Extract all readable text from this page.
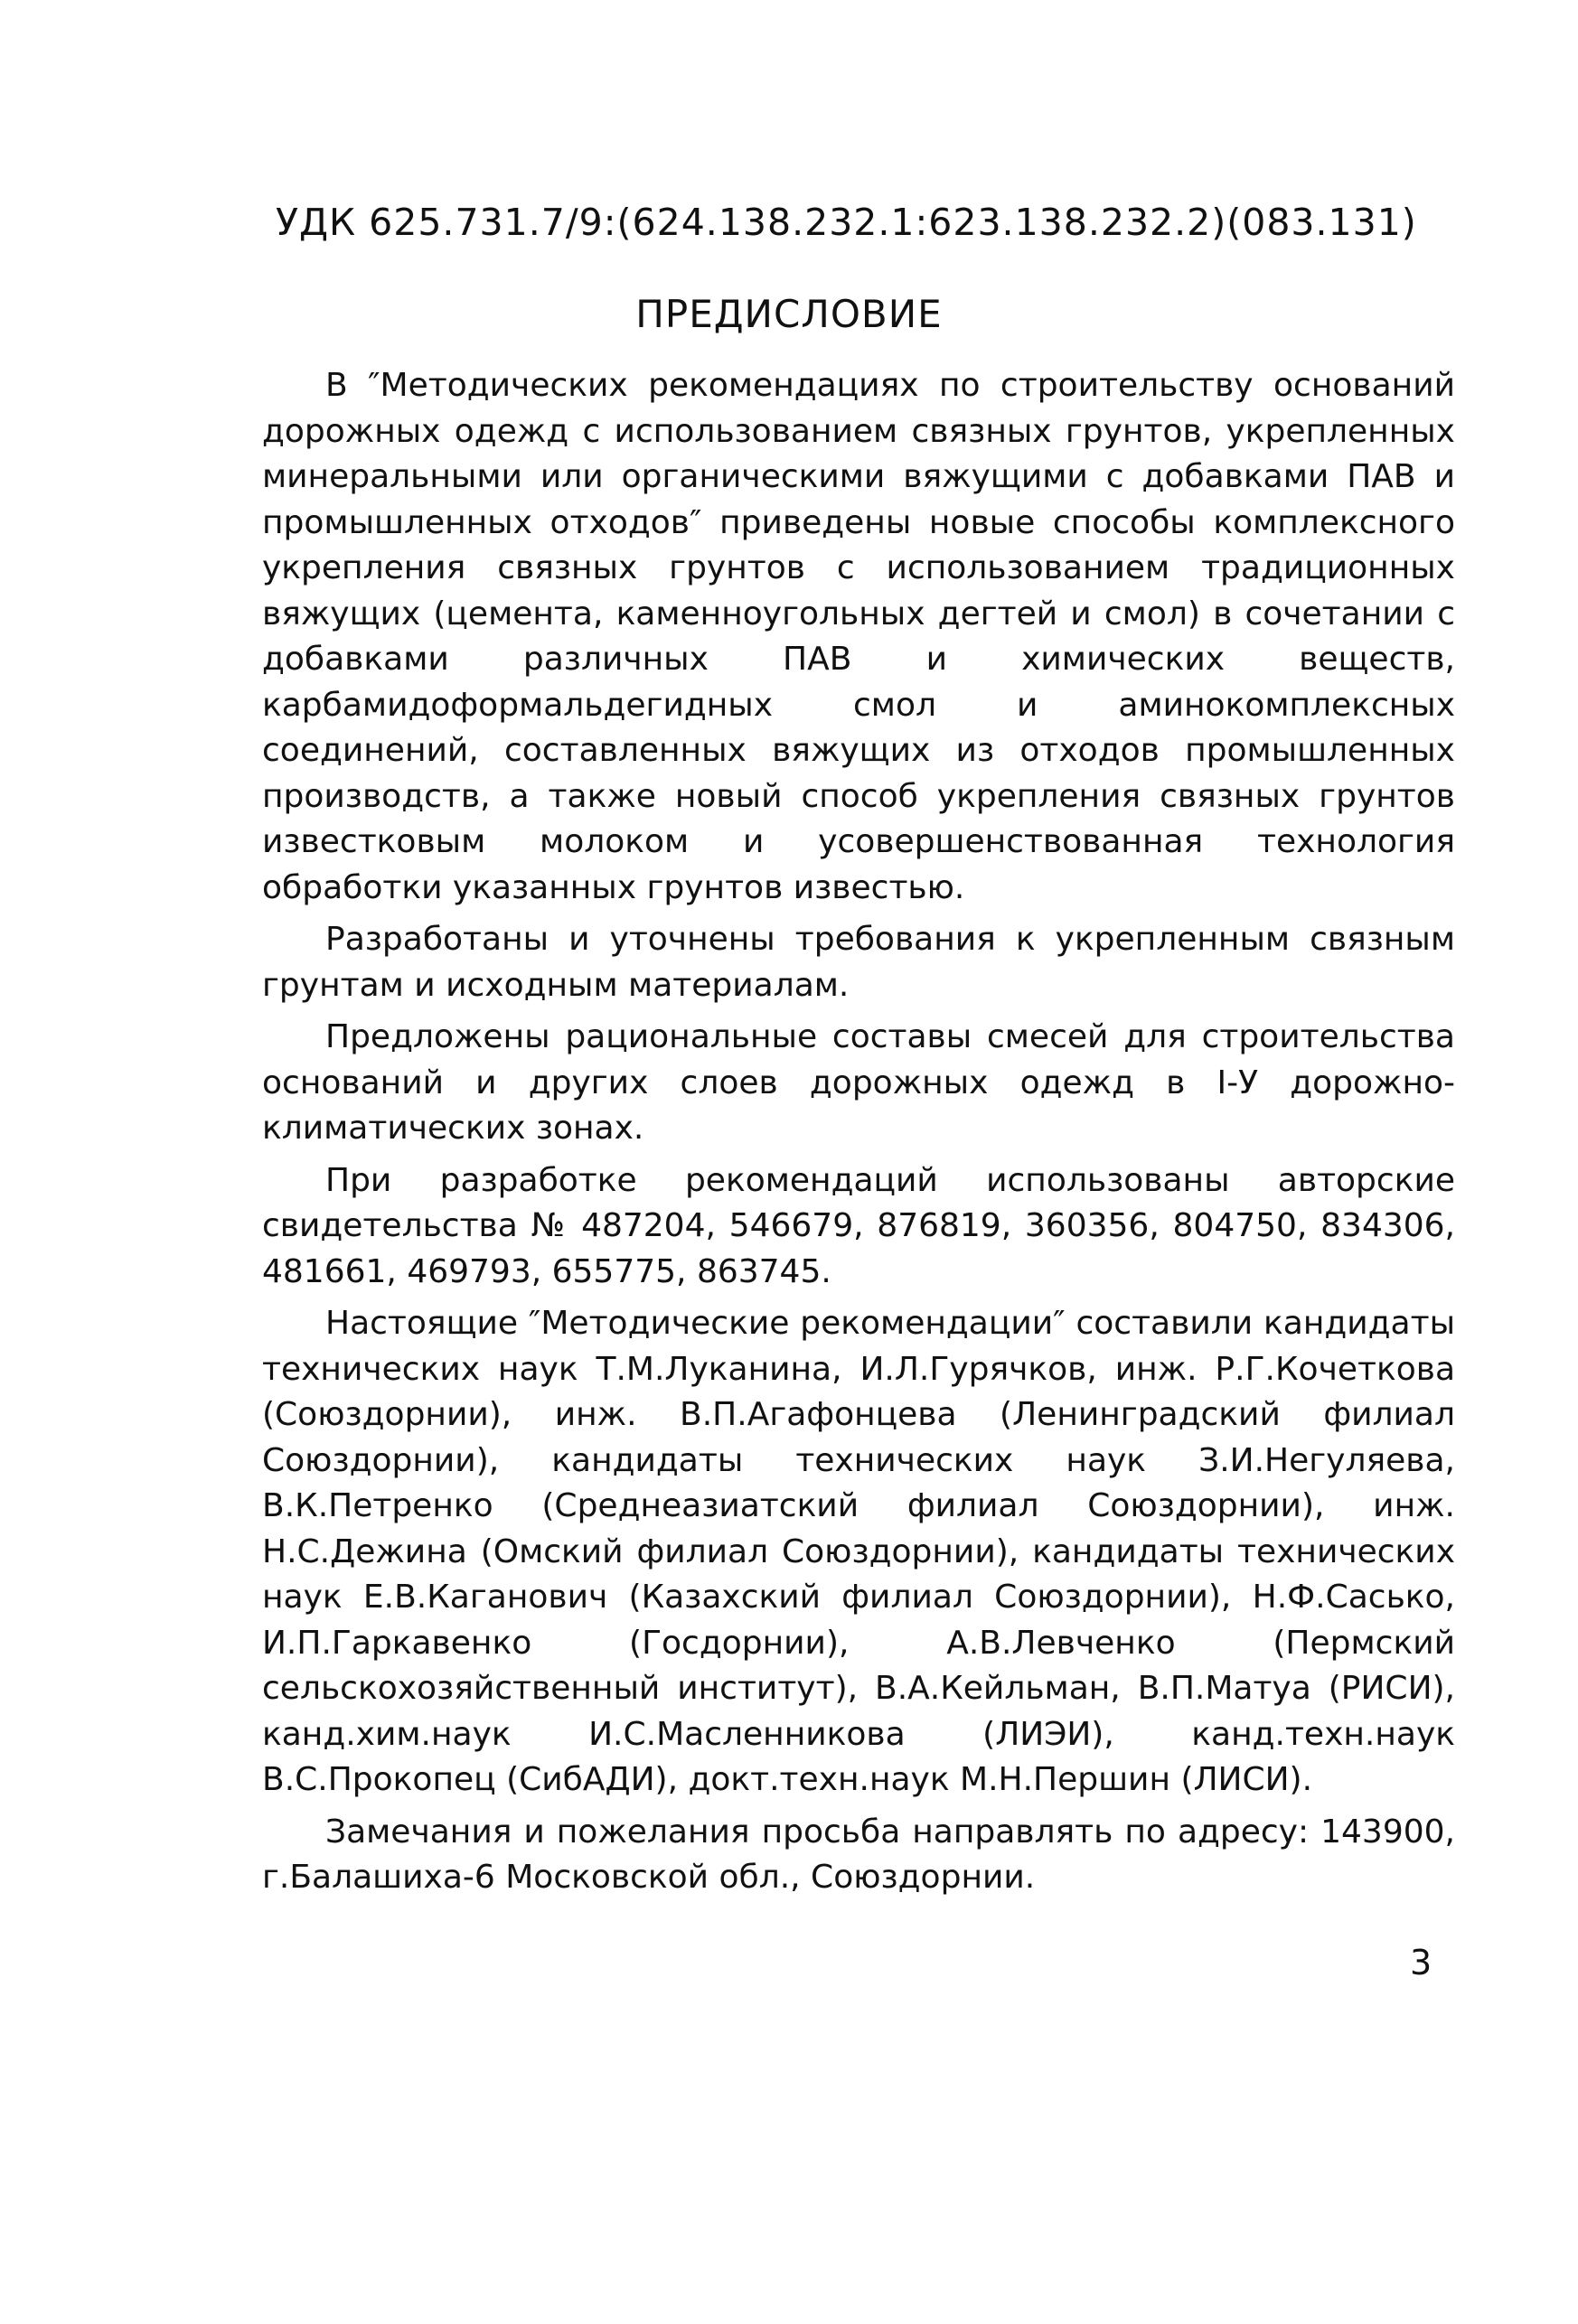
УДК 625.731.7/9:(624.138.232.1:623.138.232.2)(083.131)
ПРЕДИСЛОВИЕ

В ″Методических рекомендациях по строительству оснований дорожных одежд с использованием связных грунтов, укрепленных минеральными или органическими вяжущими с добавками ПАВ и промышленных отходов″ приведены новые способы комплексного укрепления связных грунтов с использованием традиционных вяжущих (цемента, каменноугольных дегтей и смол) в сочетании с добавками различных ПАВ и химических веществ, карбамидоформальдегидных смол и аминокомплексных соединений, составленных вяжущих из отходов промышленных производств, а также новый способ укрепления связных грунтов известковым молоком и усовершенствованная технология обработки указанных грунтов известью.

Разработаны и уточнены требования к укрепленным связным грунтам и исходным материалам.

Предложены рациональные составы смесей для строительства оснований и других слоев дорожных одежд в I-У дорожно-климатических зонах.

При разработке рекомендаций использованы авторские свидетельства № 487204, 546679, 876819, 360356, 804750, 834306, 481661, 469793, 655775, 863745.

Настоящие ″Методические рекомендации″ составили кандидаты технических наук Т.М.Луканина, И.Л.Гурячков, инж. Р.Г.Кочеткова (Союздорнии), инж. В.П.Агафонцева (Ленинградский филиал Союздорнии), кандидаты технических наук З.И.Негуляева, В.К.Петренко (Среднеазиатский филиал Союздорнии), инж. Н.С.Дежина (Омский филиал Союздорнии), кандидаты технических наук Е.В.Каганович (Казахский филиал Союздорнии), Н.Ф.Сасько, И.П.Гаркавенко (Госдорнии), А.В.Левченко (Пермский сельскохозяйственный институт), В.А.Кейльман, В.П.Матуа (РИСИ), канд.хим.наук И.С.Масленникова (ЛИЭИ), канд.техн.наук В.С.Прокопец (СибАДИ), докт.техн.наук М.Н.Першин (ЛИСИ).

Замечания и пожелания просьба направлять по адресу: 143900, г.Балашиха-6 Московской обл., Союздорнии.

3
